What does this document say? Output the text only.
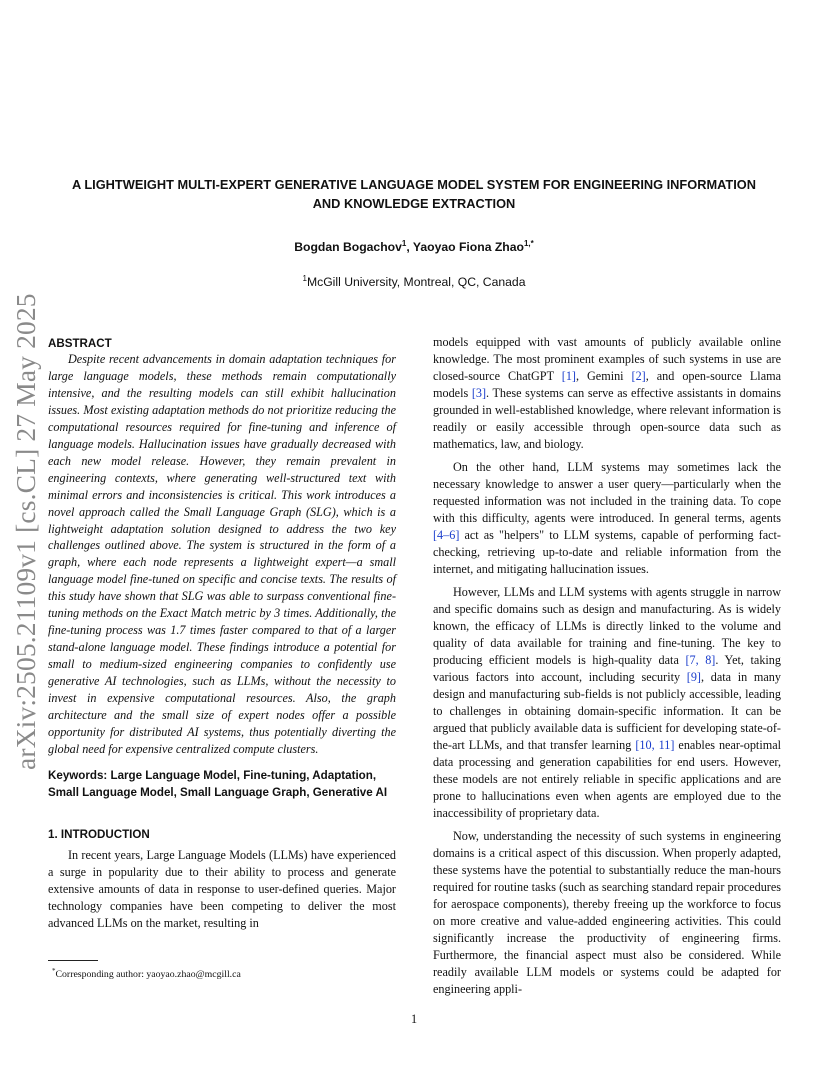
arXiv:2505.21109v1 [cs.CL] 27 May 2025
A LIGHTWEIGHT MULTI-EXPERT GENERATIVE LANGUAGE MODEL SYSTEM FOR ENGINEERING INFORMATION
AND KNOWLEDGE EXTRACTION
Bogdan Bogachov$^1$, Yaoyao Fiona Zhao$^{1,*}$
$^1$McGill University, Montreal, QC, Canada
ABSTRACT

Despite recent advancements in domain adaptation techniques for large language models, these methods remain computationally intensive, and the resulting models can still exhibit hallucination issues. Most existing adaptation methods do not prioritize reducing the computational resources required for fine-tuning and inference of language models. Hallucination issues have gradually decreased with each new model release. However, they remain prevalent in engineering contexts, where generating well-structured text with minimal errors and inconsistencies is critical. This work introduces a novel approach called the Small Language Graph (SLG), which is a lightweight adaptation solution designed to address the two key challenges outlined above. The system is structured in the form of a graph, where each node represents a lightweight expert—a small language model fine-tuned on specific and concise texts. The results of this study have shown that SLG was able to surpass conventional fine-tuning methods on the Exact Match metric by 3 times. Additionally, the fine-tuning process was 1.7 times faster compared to that of a larger stand-alone language model. These findings introduce a potential for small to medium-sized engineering companies to confidently use generative AI technologies, such as LLMs, without the necessity to invest in expensive computational resources. Also, the graph architecture and the small size of expert nodes offer a possible opportunity for distributed AI systems, thus potentially diverting the global need for expensive centralized compute clusters.

Keywords: Large Language Model, Fine-tuning, Adaptation, Small Language Model, Small Language Graph, Generative AI

1. INTRODUCTION

In recent years, Large Language Models (LLMs) have experienced a surge in popularity due to their ability to process and generate extensive amounts of data in response to user-defined queries. Major technology companies have been competing to deliver the most advanced LLMs on the market, resulting in

models equipped with vast amounts of publicly available online knowledge. The most prominent examples of such systems in use are closed-source ChatGPT [1], Gemini [2], and open-source Llama models [3]. These systems can serve as effective assistants in domains grounded in well-established knowledge, where relevant information is readily or easily accessible through open-source data such as mathematics, law, and biology.

On the other hand, LLM systems may sometimes lack the necessary knowledge to answer a user query—particularly when the requested information was not included in the training data. To cope with this difficulty, agents were introduced. In general terms, agents [4–6] act as "helpers" to LLM systems, capable of performing fact-checking, retrieving up-to-date and reliable information from the internet, and mitigating hallucination issues.

However, LLMs and LLM systems with agents struggle in narrow and specific domains such as design and manufacturing. As is widely known, the efficacy of LLMs is directly linked to the volume and quality of data available for training and fine-tuning. The key to producing efficient models is high-quality data [7, 8]. Yet, taking various factors into account, including security [9], data in many design and manufacturing sub-fields is not publicly accessible, leading to challenges in obtaining domain-specific information. It can be argued that publicly available data is sufficient for developing state-of-the-art LLMs, and that transfer learning [10, 11] enables near-optimal data processing and generation capabilities for end users. However, these models are not entirely reliable in specific applications and are prone to hallucinations even when agents are employed due to the inaccessibility of proprietary data.

Now, understanding the necessity of such systems in engineering domains is a critical aspect of this discussion. When properly adapted, these systems have the potential to substantially reduce the man-hours required for routine tasks (such as searching standard repair procedures for aerospace components), thereby freeing up the workforce to focus on more creative and value-added engineering activities. This could significantly increase the productivity of engineering firms. Furthermore, the financial aspect must also be considered. While readily available LLM models or systems could be adapted for engineering appli-

*Corresponding author: yaoyao.zhao@mcgill.ca
1
